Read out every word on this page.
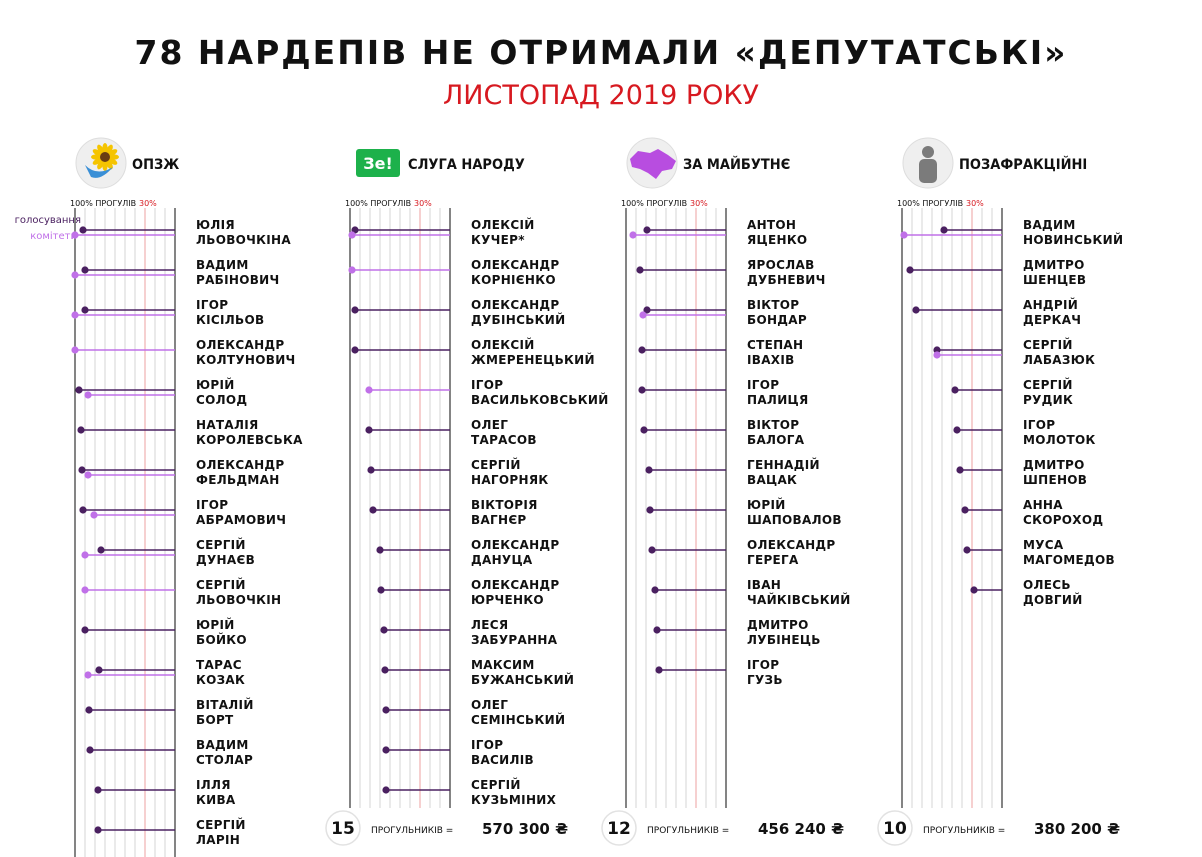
78 НАРДЕПІВ НЕ ОТРИМАЛИ «ДЕПУТАТСЬКІ»
ЛИСТОПАД 2019 РОКУ
ОПЗЖ
100% ПРОГУЛІВ 30%
ЮЛІЯ
ЛЬОВОЧКІНА
ВАДИМ
РАБІНОВИЧ
ІГОР
КІСІЛЬОВ
ОЛЕКСАНДР
КОЛТУНОВИЧ
ЮРІЙ
СОЛОД
НАТАЛІЯ
КОРОЛЕВСЬКА
ОЛЕКСАНДР
ФЕЛЬДМАН
ІГОР
АБРАМОВИЧ
СЕРГІЙ
ДУНАЄВ
СЕРГІЙ
ЛЬОВОЧКІН
ЮРІЙ
БОЙКО
ТАРАС
КОЗАК
ВІТАЛІЙ
БОРТ
ВАДИМ
СТОЛАР
ІЛЛЯ
КИВА
СЕРГІЙ
ЛАРІН
Зе! СЛУГА НАРОДУ
100% ПРОГУЛІВ 30%
ОЛЕКСІЙ
КУЧЕР*
ОЛЕКСАНДР
КОРНІЄНКО
ОЛЕКСАНДР
ДУБІНСЬКИЙ
ОЛЕКСІЙ
ЖМЕРЕНЕЦЬКИЙ
ІГОР
ВАСИЛЬКОВСЬКИЙ
ОЛЕГ
ТАРАСОВ
СЕРГІЙ
НАГОРНЯК
ВІКТОРІЯ
ВАГНЄР
ОЛЕКСАНДР
ДАНУЦА
ОЛЕКСАНДР
ЮРЧЕНКО
ЛЕСЯ
ЗАБУРАННА
МАКСИМ
БУЖАНСЬКИЙ
ОЛЕГ
СЕМІНСЬКИЙ
ІГОР
ВАСИЛІВ
СЕРГІЙ
КУЗЬМІНИХ
15 ПРОГУЛЬНИКІВ = 570 300 ₴
ЗА МАЙБУТНЄ
100% ПРОГУЛІВ 30%
АНТОН
ЯЦЕНКО
ЯРОСЛАВ
ДУБНЕВИЧ
ВІКТОР
БОНДАР
СТЕПАН
ІВАХІВ
ІГОР
ПАЛИЦЯ
ВІКТОР
БАЛОГА
ГЕННАДІЙ
ВАЦАК
ЮРІЙ
ШАПОВАЛОВ
ОЛЕКСАНДР
ГЕРЕГА
ІВАН
ЧАЙКІВСЬКИЙ
ДМИТРО
ЛУБІНЕЦЬ
ІГОР
ГУЗЬ
12 ПРОГУЛЬНИКІВ = 456 240 ₴
ПОЗАФРАКЦІЙНІ
100% ПРОГУЛІВ 30%
ВАДИМ
НОВИНСЬКИЙ
ДМИТРО
ШЕНЦЕВ
АНДРІЙ
ДЕРКАЧ
СЕРГІЙ
ЛАБАЗЮК
СЕРГІЙ
РУДИК
ІГОР
МОЛОТОК
ДМИТРО
ШПЕНОВ
АННА
СКОРОХОД
МУСА
МАГОМЕДОВ
ОЛЕСЬ
ДОВГИЙ
10 ПРОГУЛЬНИКІВ = 380 200 ₴
голосування
комітети
